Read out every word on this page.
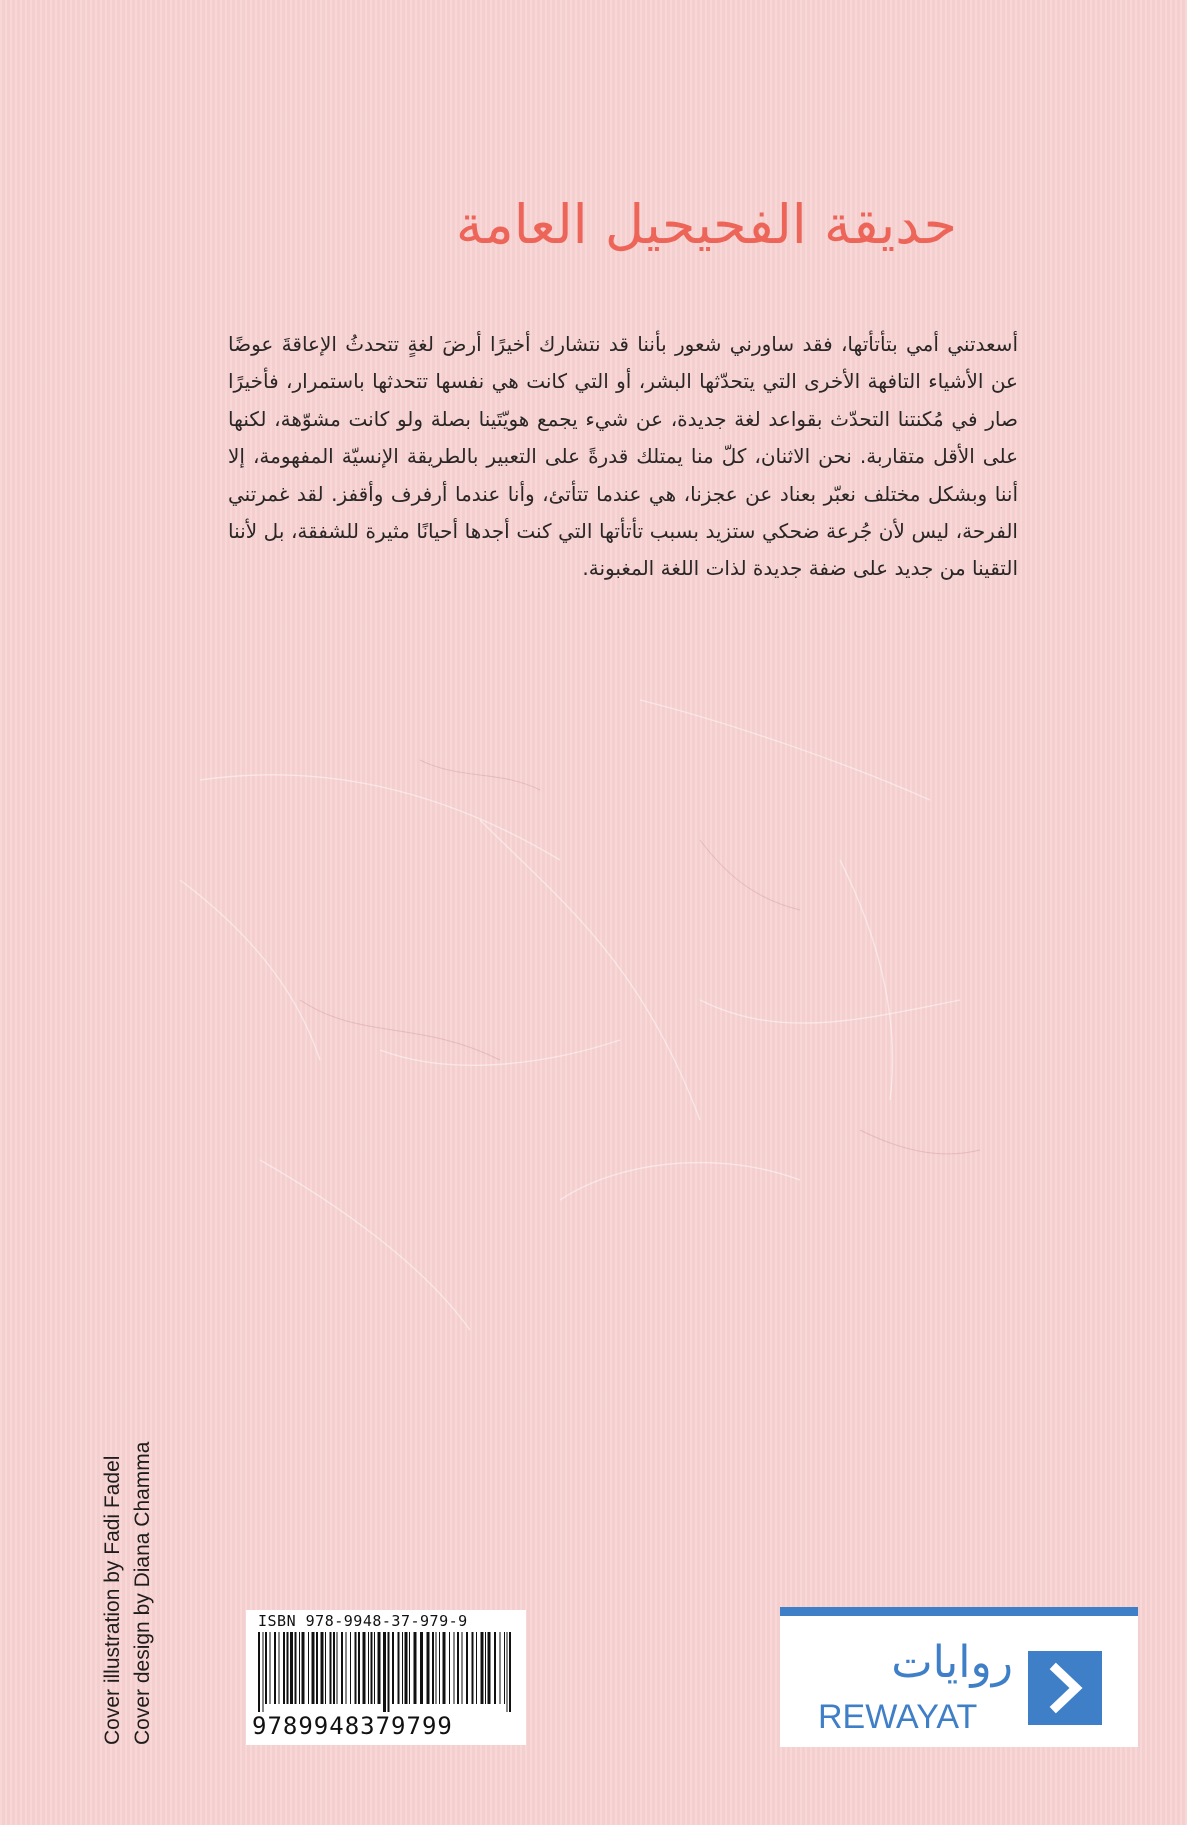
حديقة الفحيحيل العامة

أسعدتني أمي بتأتأتها، فقد ساورني شعور بأننا قد نتشارك أخيرًا أرضَ لغةٍ تتحدثُ الإعاقةَ عوضًا عن الأشياء التافهة الأخرى التي يتحدّثها البشر، أو التي كانت هي نفسها تتحدثها باستمرار، فأخيرًا صار في مُكنتنا التحدّث بقواعد لغة جديدة، عن شيء يجمع هويّتَينا بصلة ولو كانت مشوّهة، لكنها على الأقل متقاربة. نحن الاثنان، كلّ منا يمتلك قدرةً على التعبير بالطريقة الإنسيّة المفهومة، إلا أننا وبشكل مختلف نعبّر بعناد عن عجزنا، هي عندما تتأتئ، وأنا عندما أرفرف وأقفز. لقد غمرتني الفرحة، ليس لأن جُرعة ضحكي ستزيد بسبب تأتأتها التي كنت أجدها أحيانًا مثيرة للشفقة، بل لأننا التقينا من جديد على ضفة جديدة لذات اللغة المغبونة.

Cover illustration by Fadi Fadel Cover design by Diana Chamma	ISBN 978-9948-37-979-9
9789948379799
روايات
REWAYAT
